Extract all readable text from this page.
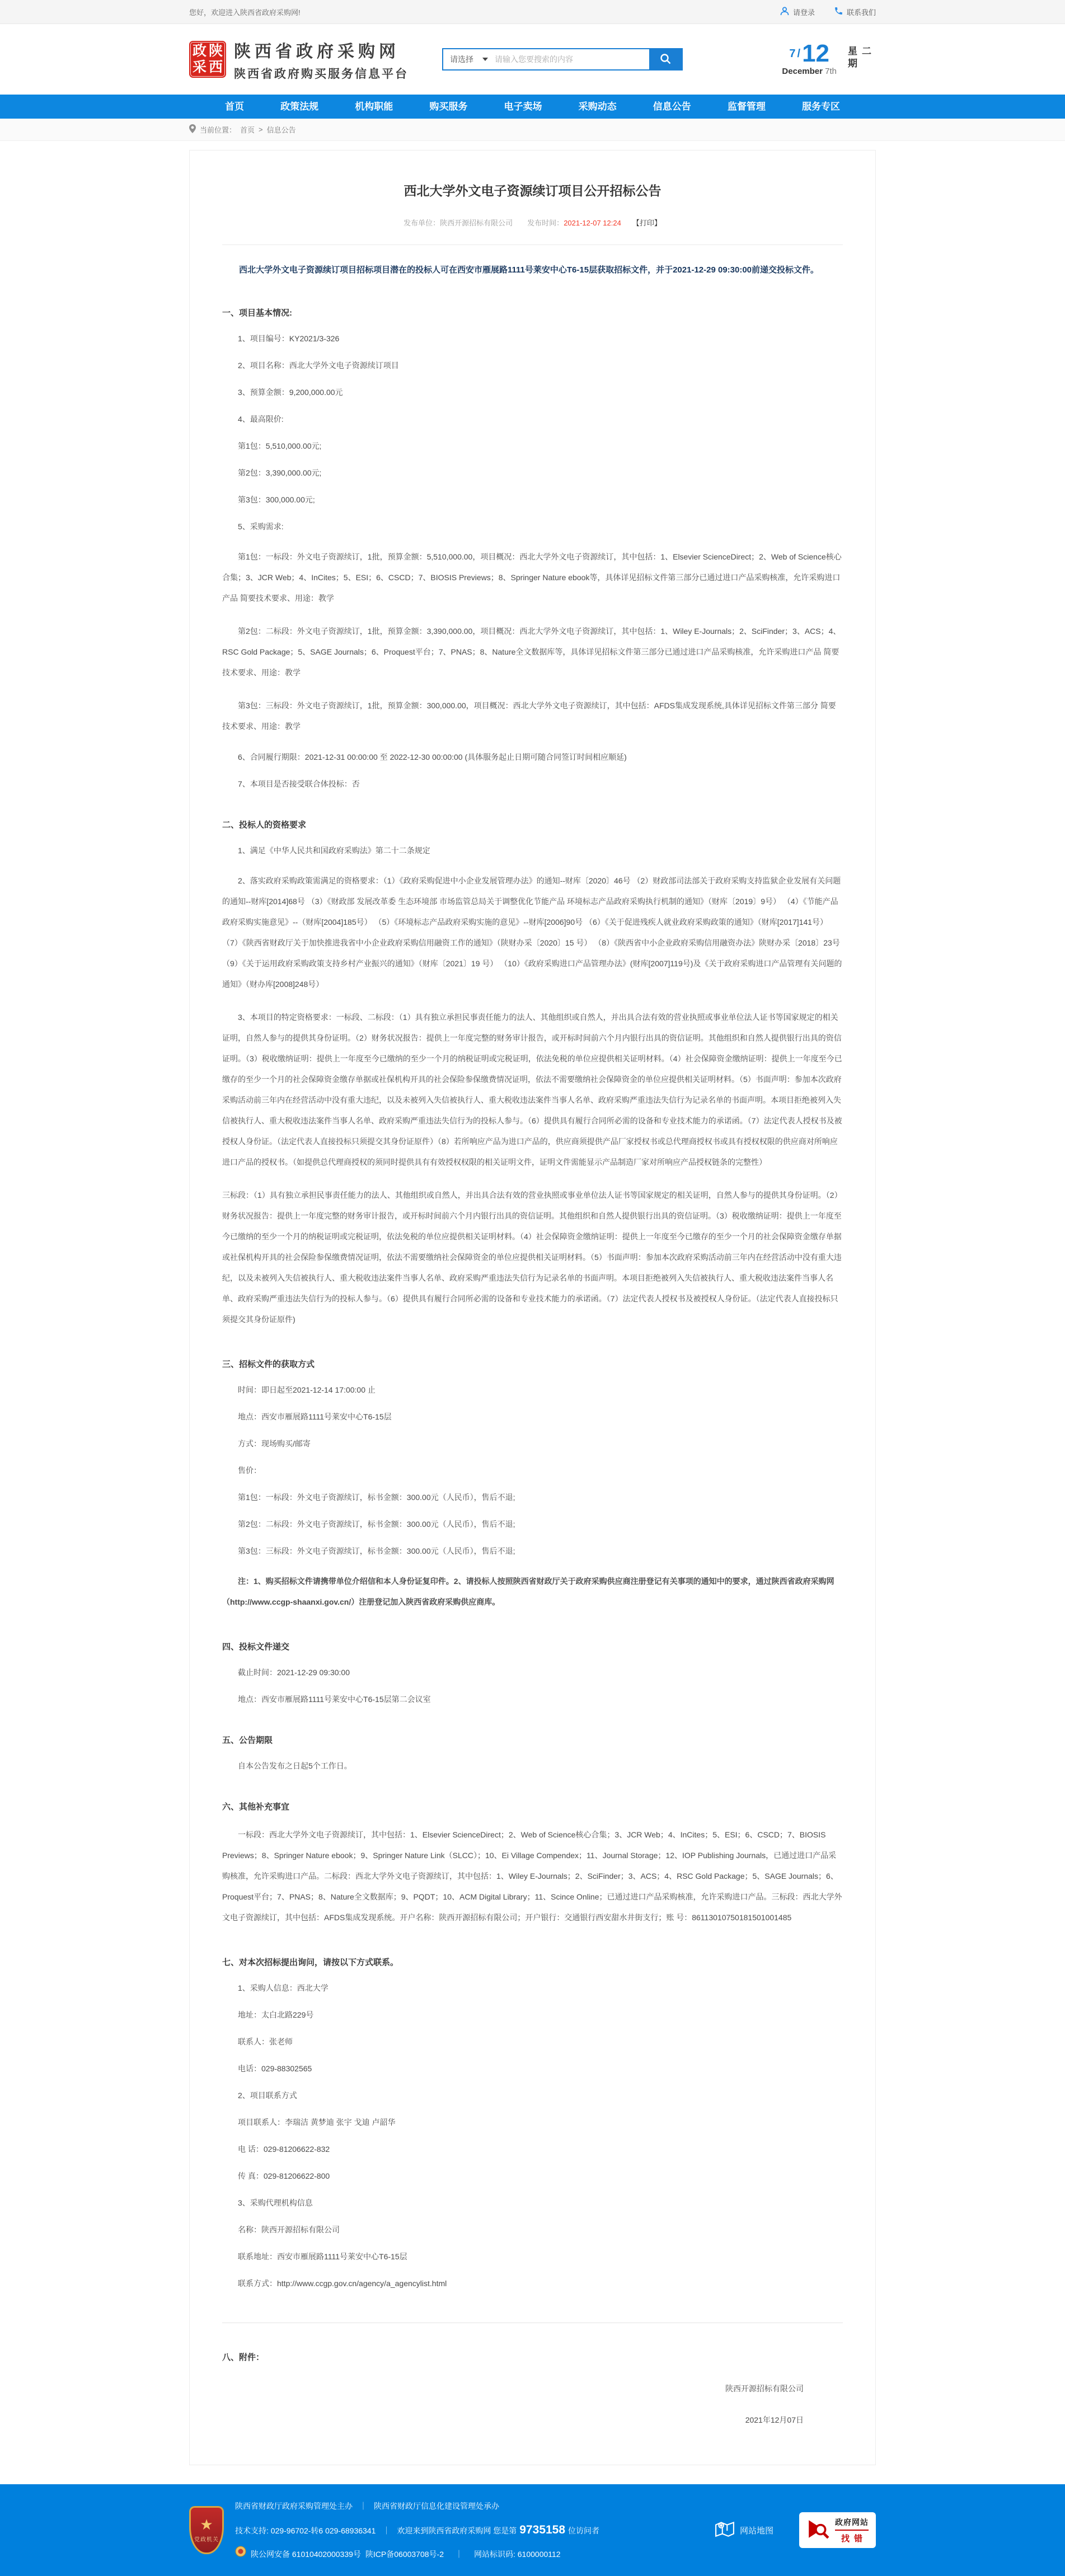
您好，欢迎进入陕西省政府采购网!	请登录	联系我们
政 陕
采 西
陕西省政府采购网
陕西省政府购买服务信息平台
请选择
请输入您要搜索的内容	7 / 12
December 7th
星期二
首页	政策法规	机构职能	购买服务	电子卖场	采购动态	信息公告	监督管理	服务专区
当前位置： 首页 > 信息公告
西北大学外文电子资源续订项目公开招标公告
发布单位：陕西开源招标有限公司 发布时间：2021-12-07 12:24 【打印】

西北大学外文电子资源续订项目招标项目潜在的投标人可在西安市雁展路1111号莱安中心T6-15层获取招标文件，并于2021-12-29 09:30:00前递交投标文件。

一、项目基本情况:

1、项目编号：KY2021/3-326

2、项目名称：西北大学外文电子资源续订项目

3、预算金额：9,200,000.00元

4、最高限价:

第1包：5,510,000.00元;

第2包：3,390,000.00元;

第3包：300,000.00元;

5、采购需求:

第1包：一标段：外文电子资源续订，1批，预算金额：5,510,000.00，项目概况：西北大学外文电子资源续订，其中包括：1、Elsevier ScienceDirect；2、Web of Science核心合集；3、JCR Web；4、InCites；5、ESI；6、CSCD；7、BIOSIS Previews；8、Springer Nature ebook等，具体详见招标文件第三部分已通过进口产品采购核准，允许采购进口产品 简要技术要求、用途：教学

第2包：二标段：外文电子资源续订，1批，预算金额：3,390,000.00，项目概况：西北大学外文电子资源续订，其中包括：1、Wiley E-Journals；2、SciFinder；3、ACS；4、RSC Gold Package；5、SAGE Journals；6、Proquest平台；7、PNAS；8、Nature全文数据库等，具体详见招标文件第三部分已通过进口产品采购核准，允许采购进口产品 简要技术要求、用途：教学

第3包：三标段：外文电子资源续订，1批，预算金额：300,000.00，项目概况：西北大学外文电子资源续订，其中包括：AFDS集成发现系统,具体详见招标文件第三部分 简要技术要求、用途：教学

6、合同履行期限：2021-12-31 00:00:00 至 2022-12-30 00:00:00 (具体服务起止日期可随合同签订时间相应顺延)

7、本项目是否接受联合体投标：否

二、投标人的资格要求

1、满足《中华人民共和国政府采购法》第二十二条规定

2、落实政府采购政策需满足的资格要求：（1）《政府采购促进中小企业发展管理办法》的通知--财库〔2020〕46号 （2）财政部司法部关于政府采购支持监狱企业发展有关问题的通知--财库[2014]68号 （3）《财政部 发展改革委 生态环境部 市场监管总局关于调整优化节能产品 环境标志产品政府采购执行机制的通知》（财库〔2019〕9号） （4）《节能产品政府采购实施意见》--（财库[2004]185号） （5）《环境标志产品政府采购实施的意见》--财库[2006]90号 （6）《关于促进残疾人就业政府采购政策的通知》（财库[2017]141号） （7）《陕西省财政厅关于加快推进我省中小企业政府采购信用融资工作的通知》（陕财办采〔2020〕15 号） （8）《陕西省中小企业政府采购信用融资办法》陕财办采〔2018〕23号 （9）《关于运用政府采购政策支持乡村产业振兴的通知》（财库〔2021〕19 号） （10）《政府采购进口产品管理办法》(财库[2007]119号)及《关于政府采购进口产品管理有关问题的通知》（财办库[2008]248号）

3、本项目的特定资格要求：一标段、二标段：（1）具有独立承担民事责任能力的法人、其他组织或自然人，并出具合法有效的营业执照或事业单位法人证书等国家规定的相关证明，自然人参与的提供其身份证明。（2）财务状况报告：提供上一年度完整的财务审计报告，或开标时间前六个月内银行出具的资信证明。其他组织和自然人提供银行出具的资信证明。（3）税收缴纳证明：提供上一年度至今已缴纳的至少一个月的纳税证明或完税证明，依法免税的单位应提供相关证明材料。（4）社会保障资金缴纳证明：提供上一年度至今已缴存的至少一个月的社会保障资金缴存单据或社保机构开具的社会保险参保缴费情况证明，依法不需要缴纳社会保障资金的单位应提供相关证明材料。（5）书面声明：参加本次政府采购活动前三年内在经营活动中没有重大违纪，以及未被列入失信被执行人、重大税收违法案件当事人名单、政府采购严重违法失信行为记录名单的书面声明。本项目拒绝被列入失信被执行人、重大税收违法案件当事人名单、政府采购严重违法失信行为的投标人参与。（6）提供具有履行合同所必需的设备和专业技术能力的承诺函。（7）法定代表人授权书及被授权人身份证。（法定代表人直接投标只须提交其身份证原件）（8）若所响应产品为进口产品的，供应商须提供产品厂家授权书或总代理商授权书或具有授权权限的供应商对所响应进口产品的授权书。（如提供总代理商授权的须同时提供具有有效授权权限的相关证明文件，证明文件需能显示产品制造厂家对所响应产品授权链条的完整性）

三标段：（1）具有独立承担民事责任能力的法人、其他组织或自然人，并出具合法有效的营业执照或事业单位法人证书等国家规定的相关证明，自然人参与的提供其身份证明。（2）财务状况报告：提供上一年度完整的财务审计报告，或开标时间前六个月内银行出具的资信证明。其他组织和自然人提供银行出具的资信证明。（3）税收缴纳证明：提供上一年度至今已缴纳的至少一个月的纳税证明或完税证明，依法免税的单位应提供相关证明材料。（4）社会保障资金缴纳证明：提供上一年度至今已缴存的至少一个月的社会保障资金缴存单据或社保机构开具的社会保险参保缴费情况证明，依法不需要缴纳社会保障资金的单位应提供相关证明材料。（5）书面声明：参加本次政府采购活动前三年内在经营活动中没有重大违纪，以及未被列入失信被执行人、重大税收违法案件当事人名单、政府采购严重违法失信行为记录名单的书面声明。本项目拒绝被列入失信被执行人、重大税收违法案件当事人名单、政府采购严重违法失信行为的投标人参与。（6）提供具有履行合同所必需的设备和专业技术能力的承诺函。（7）法定代表人授权书及被授权人身份证。（法定代表人直接投标只须提交其身份证原件)

三、招标文件的获取方式

时间：即日起至2021-12-14 17:00:00 止

地点：西安市雁展路1111号莱安中心T6-15层

方式：现场购买/邮寄

售价：

第1包：一标段：外文电子资源续订，标书金额：300.00元（人民币），售后不退;

第2包：二标段：外文电子资源续订，标书金额：300.00元（人民币），售后不退;

第3包：三标段：外文电子资源续订，标书金额：300.00元（人民币），售后不退;

注：1、购买招标文件请携带单位介绍信和本人身份证复印件。2、请投标人按照陕西省财政厅关于政府采购供应商注册登记有关事项的通知中的要求，通过陕西省政府采购网（http://www.ccgp-shaanxi.gov.cn/）注册登记加入陕西省政府采购供应商库。

四、投标文件递交

截止时间：2021-12-29 09:30:00

地点：西安市雁展路1111号莱安中心T6-15层第二会议室

五、公告期限

自本公告发布之日起5个工作日。

六、其他补充事宜

一标段：西北大学外文电子资源续订，其中包括：1、Elsevier ScienceDirect；2、Web of Science核心合集；3、JCR Web；4、InCites；5、ESI；6、CSCD；7、BIOSIS Previews；8、Springer Nature ebook；9、Springer Nature Link（SLCC）；10、Ei Village Compendex；11、Journal Storage；12、IOP Publishing Journals，已通过进口产品采购核准，允许采购进口产品。二标段：西北大学外文电子资源续订，其中包括：1、Wiley E-Journals；2、SciFinder；3、ACS；4、RSC Gold Package；5、SAGE Journals；6、Proquest平台；7、PNAS；8、Nature全文数据库；9、PQDT；10、ACM Digital Library；11、Scince Online；已通过进口产品采购核准，允许采购进口产品。三标段：西北大学外文电子资源续订，其中包括：AFDS集成发现系统。开户名称：陕西开源招标有限公司；开户银行：交通银行西安甜水井街支行；账 号：86113010750181501001485

七、对本次招标提出询问，请按以下方式联系。

1、采购人信息：西北大学

地址：太白北路229号

联系人：张老师

电话：029-88302565

2、项目联系方式

项目联系人：李瑞洁 黄梦迪 张宇 戈迪 卢韶华

电 话：029-81206622-832

传 真：029-81206622-800

3、采购代理机构信息

名称：陕西开源招标有限公司

联系地址：西安市雁展路1111号莱安中心T6-15层

联系方式：http://www.ccgp.gov.cn/agency/a_agencylist.html

八、附件：

陕西开源招标有限公司

2021年12月07日

★
党政机关
陕西省财政厅政府采购管理处主办 ｜ 陕西省财政厅信息化建设管理处承办
技术支持: 029-96702-转6 029-68936341 ｜ 欢迎来到陕西省政府采购网 您是第 9735158 位访问者
陕公网安备 61010402000339号 陕ICP备06003708号-2 ｜ 网站标识码: 6100000112
网站地图
政府网站
找错
